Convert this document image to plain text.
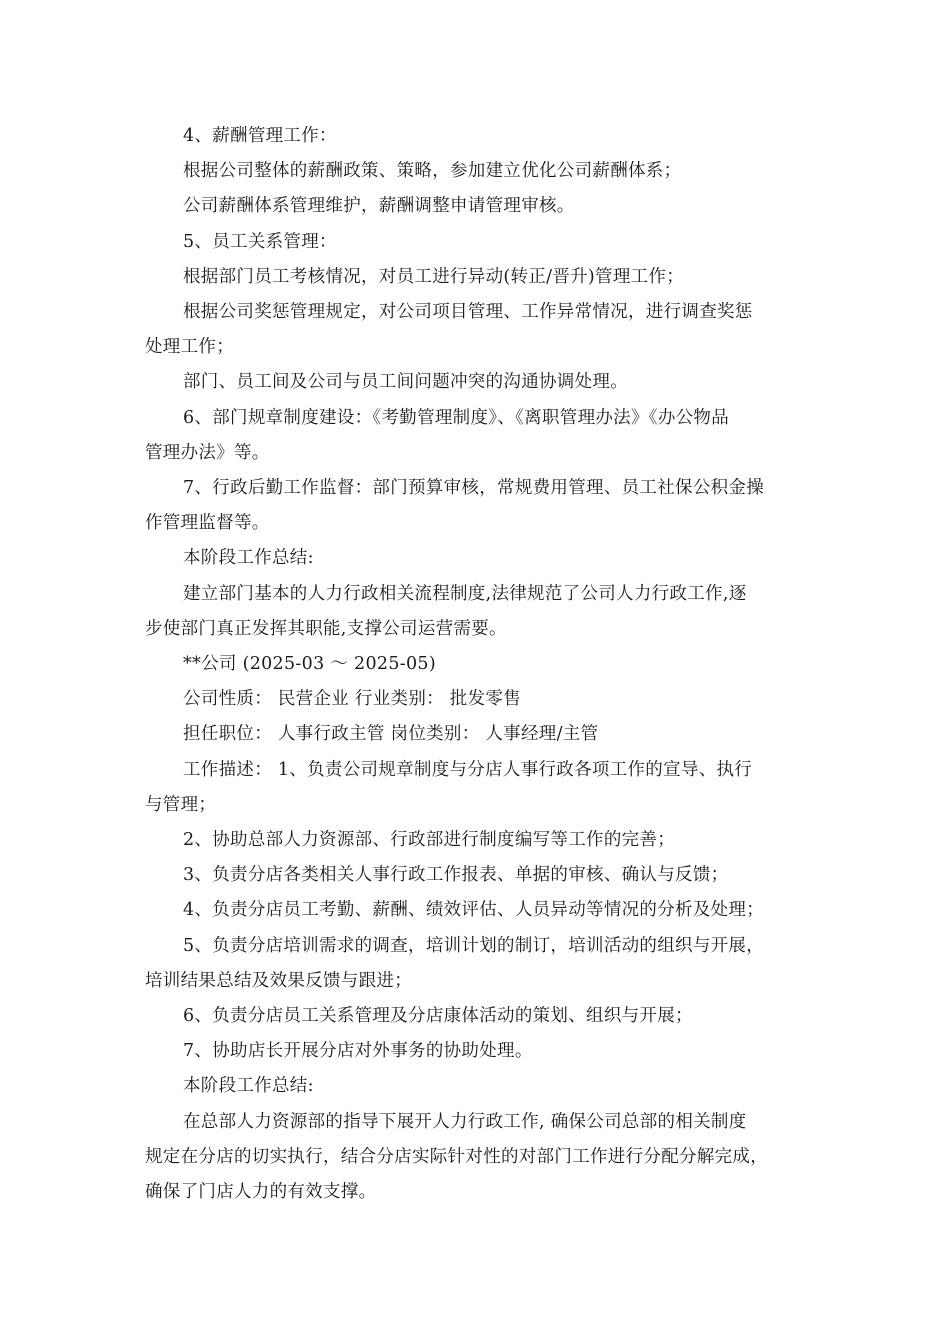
4、薪酬管理工作：
根据公司整体的薪酬政策、策略，参加建立优化公司薪酬体系；
公司薪酬体系管理维护，薪酬调整申请管理审核。
5、员工关系管理：
根据部门员工考核情况，对员工进行异动(转正/晋升)管理工作；
根据公司奖惩管理规定，对公司项目管理、工作异常情况，进行调查奖惩
处理工作；
部门、员工间及公司与员工间问题冲突的沟通协调处理。
6、部门规章制度建设：《考勤管理制度》、《离职管理办法》《办公物品
管理办法》等。
7、行政后勤工作监督：部门预算审核，常规费用管理、员工社保公积金操
作管理监督等。
本阶段工作总结:
建立部门基本的人力行政相关流程制度,法律规范了公司人力行政工作,逐
步使部门真正发挥其职能,支撑公司运营需要。
**公司 (2025-03 ～ 2025-05)
公司性质： 民营企业 行业类别： 批发零售
担任职位： 人事行政主管 岗位类别： 人事经理/主管
工作描述： 1、负责公司规章制度与分店人事行政各项工作的宣导、执行
与管理；
2、协助总部人力资源部、行政部进行制度编写等工作的完善；
3、负责分店各类相关人事行政工作报表、单据的审核、确认与反馈；
4、负责分店员工考勤、薪酬、绩效评估、人员异动等情况的分析及处理；
5、负责分店培训需求的调查，培训计划的制订，培训活动的组织与开展，
培训结果总结及效果反馈与跟进；
6、负责分店员工关系管理及分店康体活动的策划、组织与开展；
7、协助店长开展分店对外事务的协助处理。
本阶段工作总结:
在总部人力资源部的指导下展开人力行政工作, 确保公司总部的相关制度
规定在分店的切实执行，结合分店实际针对性的对部门工作进行分配分解完成，
确保了门店人力的有效支撑。
